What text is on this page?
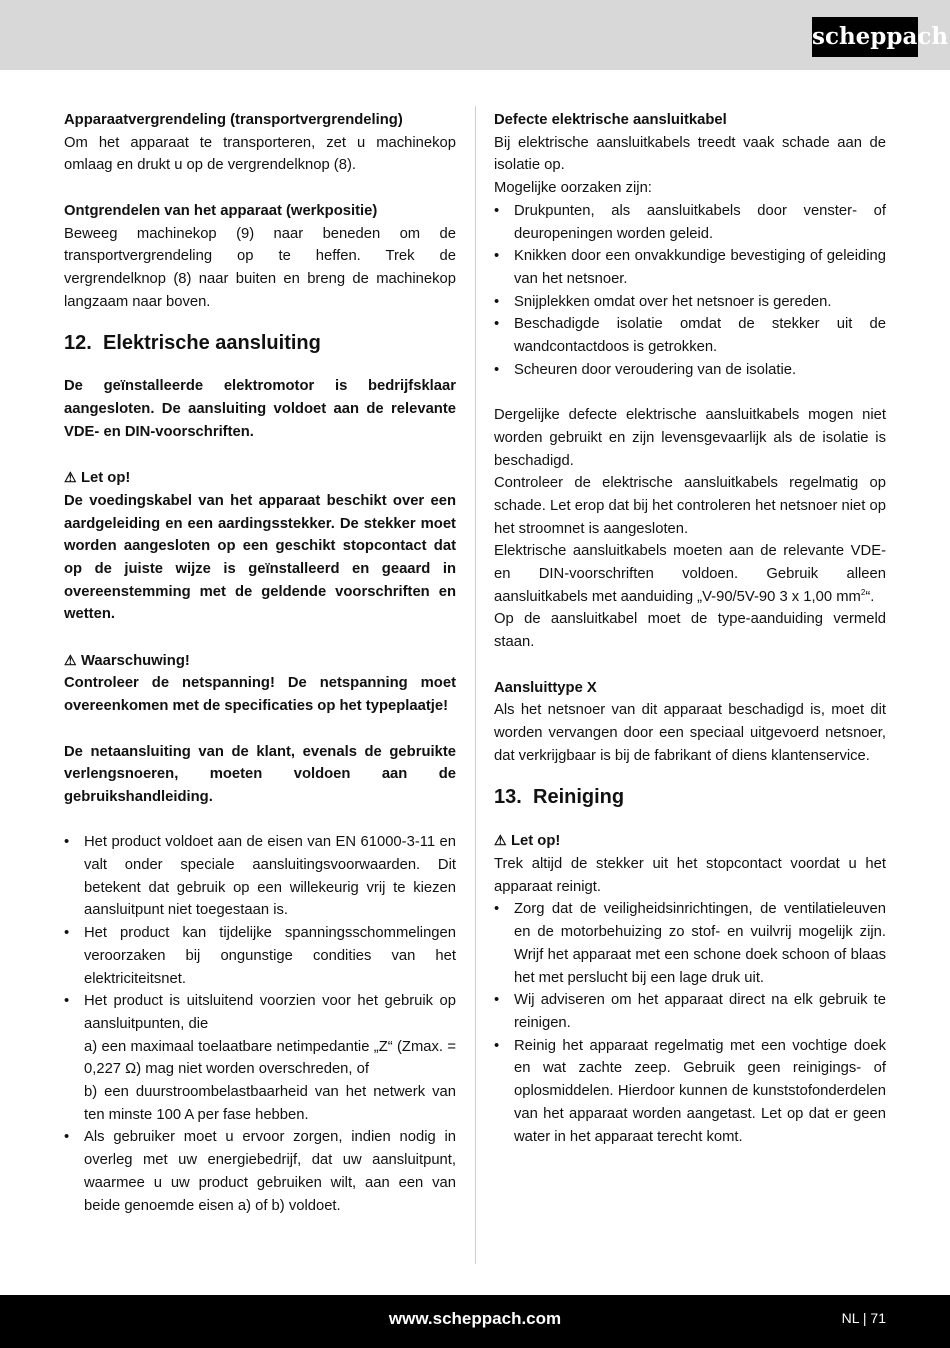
scheppach

Apparaatvergrendeling (transportvergrendeling)

Om het apparaat te transporteren, zet u machinekop omlaag en drukt u op de vergrendelknop (8).

Ontgrendelen van het apparaat (werkpositie)

Beweeg machinekop (9) naar beneden om de transportvergrendeling op te heffen. Trek de vergrendelknop (8) naar buiten en breng de machinekop langzaam naar boven.

12. Elektrische aansluiting

De geïnstalleerde elektromotor is bedrijfsklaar aangesloten. De aansluiting voldoet aan de relevante VDE- en DIN-voorschriften.

⚠ Let op!

De voedingskabel van het apparaat beschikt over een aardgeleiding en een aardingsstekker. De stekker moet worden aangesloten op een geschikt stopcontact dat op de juiste wijze is geïnstalleerd en geaard in overeenstemming met de geldende voorschriften en wetten.

⚠ Waarschuwing!

Controleer de netspanning! De netspanning moet overeenkomen met de specificaties op het typeplaatje!

De netaansluiting van de klant, evenals de gebruikte verlengsnoeren, moeten voldoen aan de gebruikshandleiding.

• Het product voldoet aan de eisen van EN 61000-3-11 en valt onder speciale aansluitingsvoorwaarden. Dit betekent dat gebruik op een willekeurig vrij te kiezen aansluitpunt niet toegestaan is.
• Het product kan tijdelijke spanningsschommelingen veroorzaken bij ongunstige condities van het elektriciteitsnet.
• Het product is uitsluitend voorzien voor het gebruik op aansluitpunten, die

a) een maximaal toelaatbare netimpedantie „Z“ (Zmax. = 0,227 Ω) mag niet worden overschreden, of

b) een duurstroombelastbaarheid van het netwerk van ten minste 100 A per fase hebben.

• Als gebruiker moet u ervoor zorgen, indien nodig in overleg met uw energiebedrijf, dat uw aansluitpunt, waarmee u uw product gebruiken wilt, aan een van beide genoemde eisen a) of b) voldoet.

Defecte elektrische aansluitkabel

Bij elektrische aansluitkabels treedt vaak schade aan de isolatie op.

Mogelijke oorzaken zijn:

• Drukpunten, als aansluitkabels door venster- of deuropeningen worden geleid.
• Knikken door een onvakkundige bevestiging of geleiding van het netsnoer.
• Snijplekken omdat over het netsnoer is gereden.
• Beschadigde isolatie omdat de stekker uit de wandcontactdoos is getrokken.
• Scheuren door veroudering van de isolatie.

Dergelijke defecte elektrische aansluitkabels mogen niet worden gebruikt en zijn levensgevaarlijk als de isolatie is beschadigd.

Controleer de elektrische aansluitkabels regelmatig op schade. Let erop dat bij het controleren het netsnoer niet op het stroomnet is aangesloten.

Elektrische aansluitkabels moeten aan de relevante VDE- en DIN-voorschriften voldoen. Gebruik alleen aansluitkabels met aanduiding „V-90/5V-90 3 x 1,00 $mm^2“$.

Op de aansluitkabel moet de type-aanduiding vermeld staan.

Aansluittype X

Als het netsnoer van dit apparaat beschadigd is, moet dit worden vervangen door een speciaal uitgevoerd netsnoer, dat verkrijgbaar is bij de fabrikant of diens klantenservice.

13. Reiniging

⚠ Let op!

Trek altijd de stekker uit het stopcontact voordat u het apparaat reinigt.

• Zorg dat de veiligheidsinrichtingen, de ventilatieleuven en de motorbehuizing zo stof- en vuilvrij mogelijk zijn. Wrijf het apparaat met een schone doek schoon of blaas het met perslucht bij een lage druk uit.
• Wij adviseren om het apparaat direct na elk gebruik te reinigen.
• Reinig het apparaat regelmatig met een vochtige doek en wat zachte zeep. Gebruik geen reinigings- of oplosmiddelen. Hierdoor kunnen de kunststofonderdelen van het apparaat worden aangetast. Let op dat er geen water in het apparaat terecht komt.
www.scheppach.com	NL | 71
